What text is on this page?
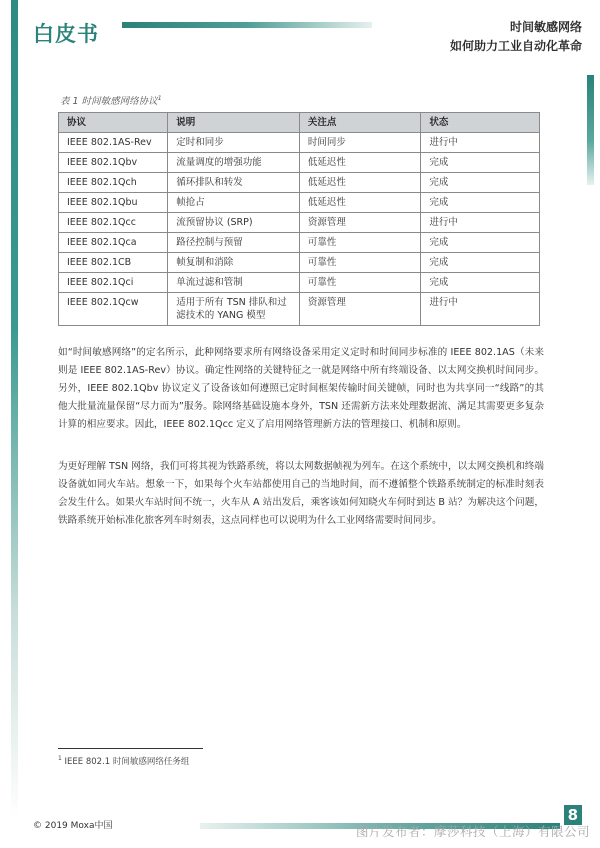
白皮书	时间敏感网络
如何助力工业自动化革命
表 1 时间敏感网络协议$^1$
协议	说明	关注点	状态
IEEE 802.1AS-Rev	定时和同步	时间同步	进行中
IEEE 802.1Qbv	流量调度的增强功能	低延迟性	完成
IEEE 802.1Qch	循环排队和转发	低延迟性	完成
IEEE 802.1Qbu	帧抢占	低延迟性	完成
IEEE 802.1Qcc	流预留协议 (SRP)	资源管理	进行中
IEEE 802.1Qca	路径控制与预留	可靠性	完成
IEEE 802.1CB	帧复制和消除	可靠性	完成
IEEE 802.1Qci	单流过滤和管制	可靠性	完成
IEEE 802.1Qcw	适用于所有 TSN 排队和过滤技术的 YANG 模型	资源管理	进行中

如“时间敏感网络”的定名所示，此种网络要求所有网络设备采用定义定时和时间同步标准的 IEEE 802.1AS（未来则是 IEEE 802.1AS-Rev）协议。确定性网络的关键特征之一就是网络中所有终端设备、以太网交换机时间同步。另外，IEEE 802.1Qbv 协议定义了设备该如何遵照已定时间框架传输时间关键帧，同时也为共享同一“线路”的其他大批量流量保留“尽力而为”服务。除网络基础设施本身外，TSN 还需新方法来处理数据流、满足其需要更多复杂计算的相应要求。因此，IEEE 802.1Qcc 定义了启用网络管理新方法的管理接口、机制和原则。

为更好理解 TSN 网络，我们可将其视为铁路系统，将以太网数据帧视为列车。在这个系统中，以太网交换机和终端设备就如同火车站。想象一下，如果每个火车站都使用自己的当地时间，而不遵循整个铁路系统制定的标准时刻表会发生什么。如果火车站时间不统一，火车从 A 站出发后，乘客该如何知晓火车何时到达 B 站？为解决这个问题，铁路系统开始标准化旅客列车时刻表，这点同样也可以说明为什么工业网络需要时间同步。

$^1$ IEEE 802.1 时间敏感网络任务组
© 2019 Moxa中国
8
图片发布者：摩莎科技（上海）有限公司
